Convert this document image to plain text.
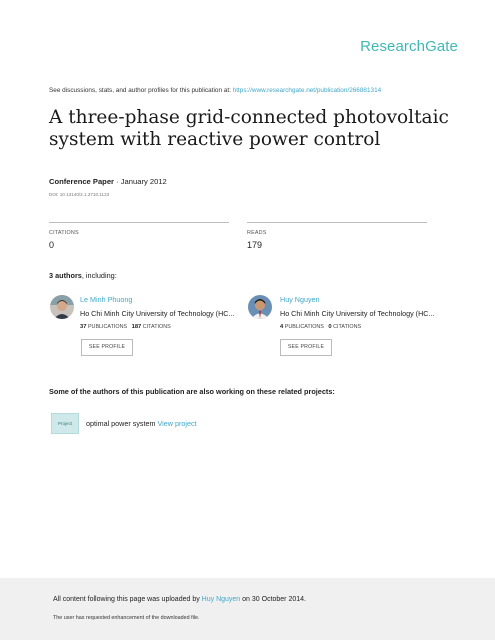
ResearchGate
See discussions, stats, and author profiles for this publication at: https://www.researchgate.net/publication/266881314
A three-phase grid-connected photovoltaic system with reactive power control
Conference Paper · January 2012
DOI: 10.13140/2.1.2710.1123
CITATIONS
0
READS
179
3 authors, including:
Le Minh Phuong
Ho Chi Minh City University of Technology (HC...
37 PUBLICATIONS 187 CITATIONS
SEE PROFILE
Huy Nguyen
Ho Chi Minh City University of Technology (HC...
4 PUBLICATIONS 0 CITATIONS
SEE PROFILE
Some of the authors of this publication are also working on these related projects:
Project	optimal power system View project
All content following this page was uploaded by Huy Nguyen on 30 October 2014.
The user has requested enhancement of the downloaded file.
